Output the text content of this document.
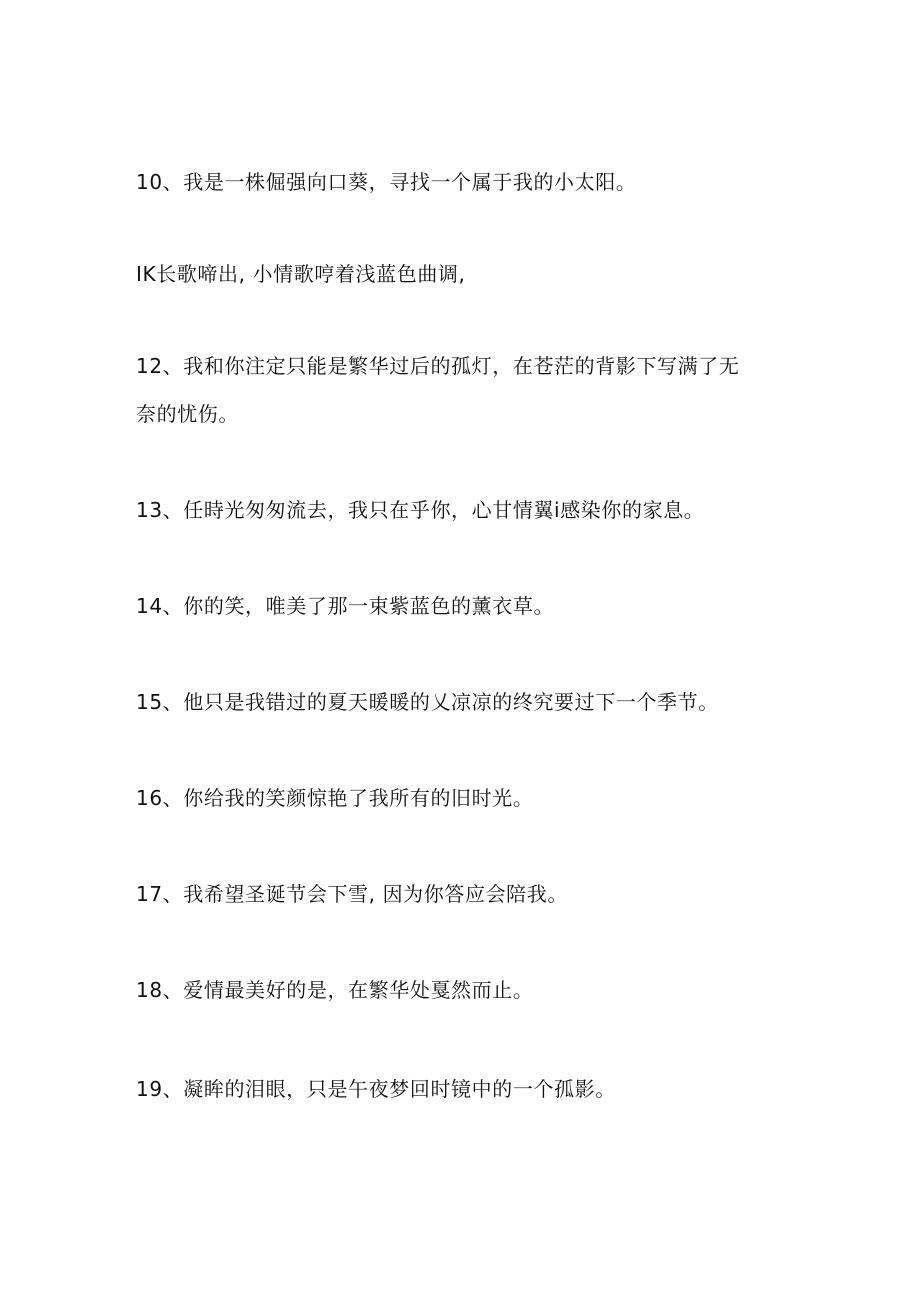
10、我是一株倔强向口葵，寻找一个属于我的小太阳。
IK长歌啼出, 小情歌哼着浅蓝色曲调,
12、我和你注定只能是繁华过后的孤灯，在苍茫的背影下写满了无
奈的忧伤。
13、任時光匆匆流去，我只在乎你，心甘情翼i感染你的家息。
14、你的笑，唯美了那一束紫蓝色的薰衣草。
15、他只是我错过的夏天暖暖的乂凉凉的终究要过下一个季节。
16、你给我的笑颜惊艳了我所有的旧时光。
17、我希望圣诞节会下雪, 因为你答应会陪我。
18、爱情最美好的是，在繁华处戛然而止。
19、凝眸的泪眼，只是午夜梦回时镜中的一个孤影。
